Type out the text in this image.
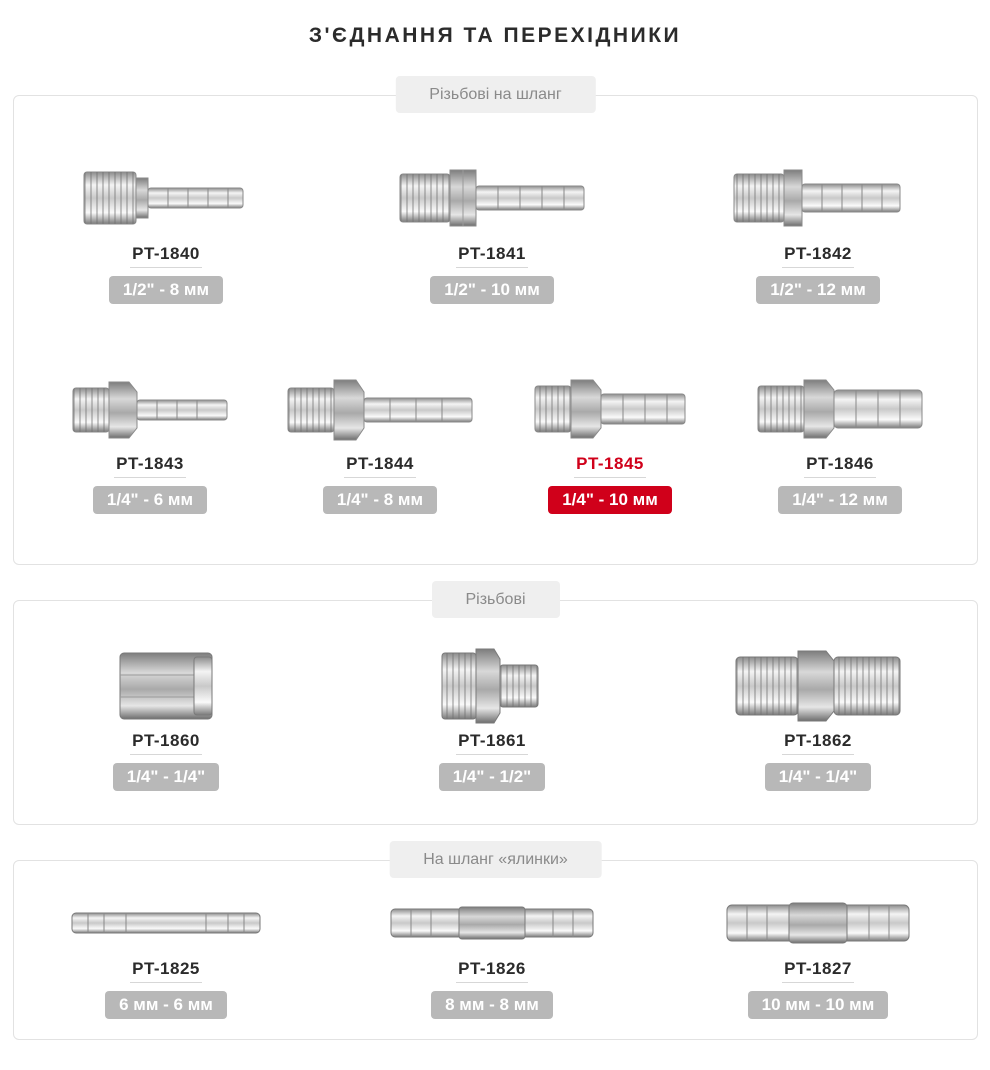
З'ЄДНАННЯ ТА ПЕРЕХІДНИКИ
Різьбові на шланг
PT-1840
1/2" - 8 мм
PT-1841
1/2" - 10 мм
PT-1842
1/2" - 12 мм
PT-1843
1/4" - 6 мм
PT-1844
1/4" - 8 мм
PT-1845
1/4" - 10 мм
PT-1846
1/4" - 12 мм
Різьбові
PT-1860
1/4" - 1/4"
PT-1861
1/4" - 1/2"
PT-1862
1/4" - 1/4"
На шланг «ялинки»
PT-1825
6 мм - 6 мм
PT-1826
8 мм - 8 мм
PT-1827
10 мм - 10 мм
